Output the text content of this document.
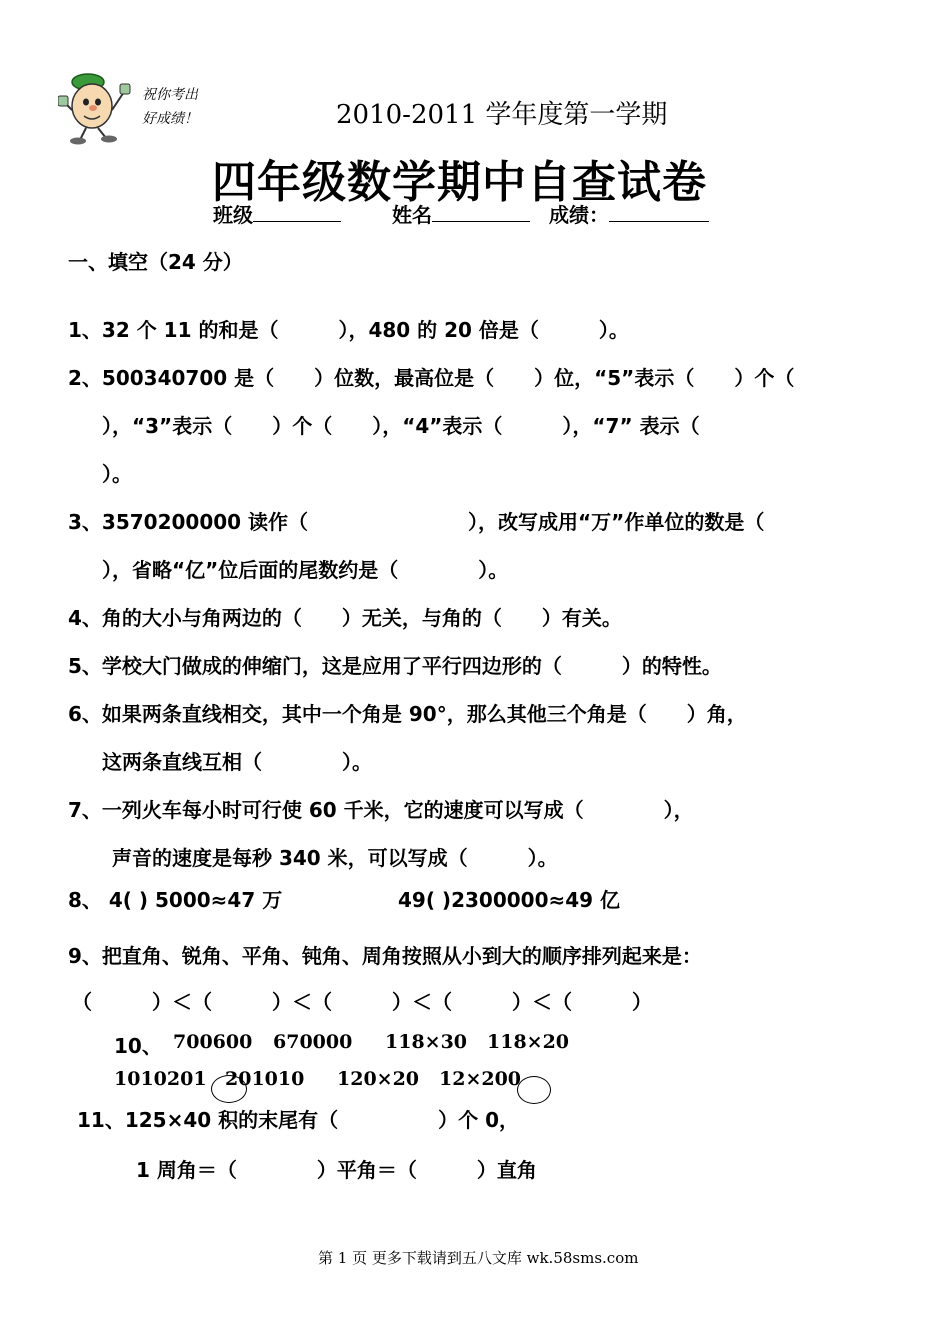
祝你考出
好成绩！	2010-2011 学年度第一学期
四年级数学期中自查试卷
班级	姓名	成绩：
一、填空（24 分）
1、32 个 11 的和是（　　　），480 的 20 倍是（　　　）。
2、500340700 是（　　）位数，最高位是（　　）位，“5”表示（　　）个（
），“3”表示（　　）个（　　），“4”表示（　　　），“7” 表示（
）。
3、3570200000 读作（　　　　　　　　），改写成用“万”作单位的数是（
），省略“亿”位后面的尾数约是（　　　　）。
4、角的大小与角两边的（　　）无关，与角的（　　）有关。
5、学校大门做成的伸缩门，这是应用了平行四边形的（　　　）的特性。
6、如果两条直线相交，其中一个角是 90°，那么其他三个角是（　　）角，
这两条直线互相（　　　　）。
7、一列火车每小时可行使 60 千米，它的速度可以写成（　　　　），
声音的速度是每秒 340 米，可以写成（　　　）。
8、 4( ) 5000≈47 万	49( )2300000≈49 亿
9、把直角、锐角、平角、钝角、周角按照从小到大的顺序排列起来是：
（　　　）＜（　　　）＜（　　　）＜（　　　）＜（　　　）
10、 700600 670000 118×30 118×20
1010201 201010 120×20 12×200
11、125×40 积的末尾有（　　　　　）个 0，
1 周角＝（　　　　）平角＝（　　　）直角
第 1 页 更多下载请到五八文库 wk.58sms.com
